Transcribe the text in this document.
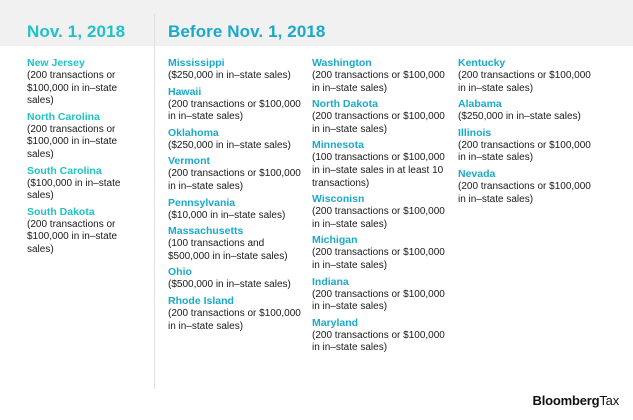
Nov. 1, 2018	Before Nov. 1, 2018
New Jersey
(200 transactions or $100,000 in in–state sales)
North Carolina
(200 transactions or $100,000 in in–state sales)
South Carolina
($100,000 in in–state sales)
South Dakota
(200 transactions or $100,000 in in–state sales)
Mississippi
($250,000 in in–state sales)
Hawaii
(200 transactions or $100,000 in in–state sales)
Oklahoma
($250,000 in in–state sales)
Vermont
(200 transactions or $100,000 in in–state sales)
Pennsylvania
($10,000 in in–state sales)
Massachusetts
(100 transactions and $500,000 in in–state sales)
Ohio
($500,000 in in–state sales)
Rhode Island
(200 transactions or $100,000 in in–state sales)
Washington
(200 transactions or $100,000 in in–state sales)
North Dakota
(200 transactions or $100,000 in in–state sales)
Minnesota
(100 transactions or $100,000 in in–state sales in at least 10 transactions)
Wisconisn
(200 transactions or $100,000 in in–state sales)
Michigan
(200 transactions or $100,000 in in–state sales)
Indiana
(200 transactions or $100,000 in in–state sales)
Maryland
(200 transactions or $100,000 in in–state sales)
Kentucky
(200 transactions or $100,000 in in–state sales)
Alabama
($250,000 in in–state sales)
Illinois
(200 transactions or $100,000 in in–state sales)
Nevada
(200 transactions or $100,000 in in–state sales)
BloombergTax
